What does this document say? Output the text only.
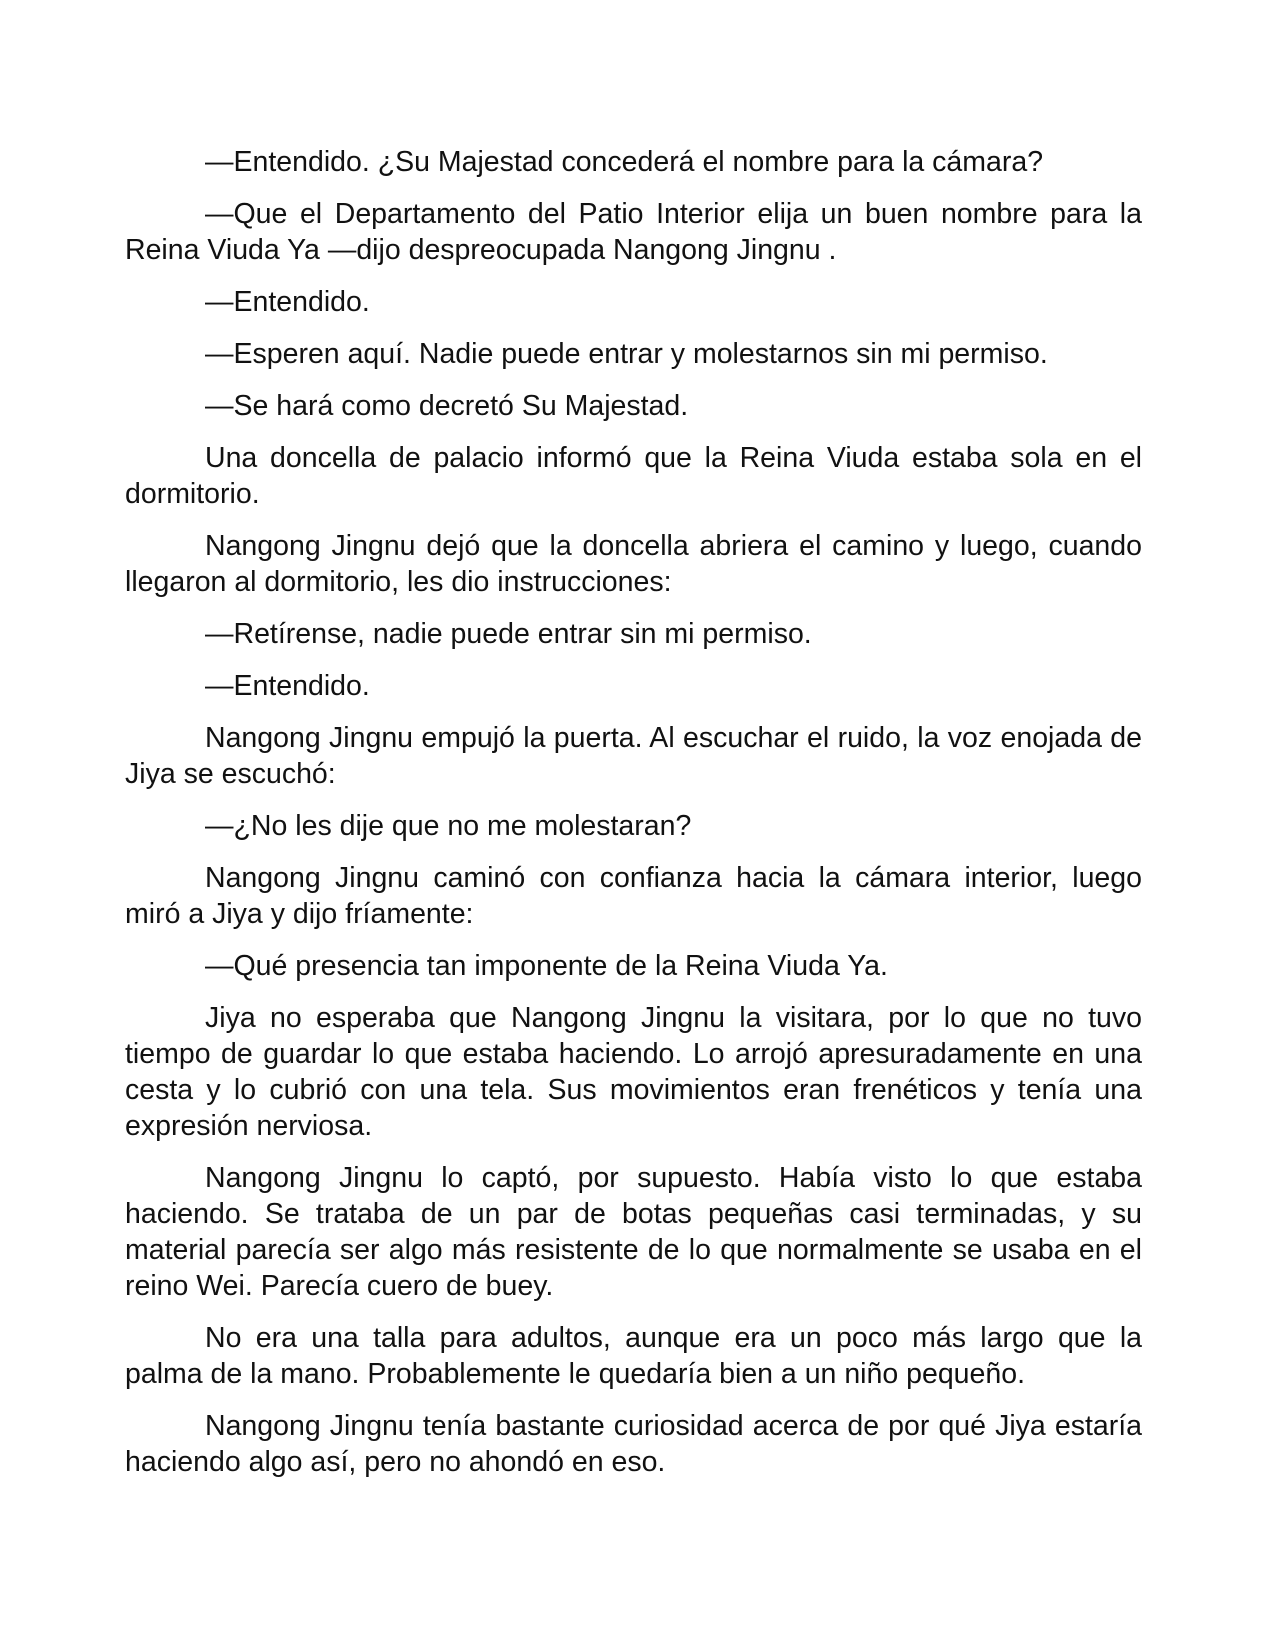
—Entendido. ¿Su Majestad concederá el nombre para la cámara?

—Que el Departamento del Patio Interior elija un buen nombre para la Reina Viuda Ya —dijo despreocupada Nangong Jingnu .

—Entendido.

—Esperen aquí. Nadie puede entrar y molestarnos sin mi permiso.

—Se hará como decretó Su Majestad.

Una doncella de palacio informó que la Reina Viuda estaba sola en el dormitorio.

Nangong Jingnu dejó que la doncella abriera el camino y luego, cuando llegaron al dormitorio, les dio instrucciones:

—Retírense, nadie puede entrar sin mi permiso.

—Entendido.

Nangong Jingnu empujó la puerta. Al escuchar el ruido, la voz enojada de Jiya se escuchó:

—¿No les dije que no me molestaran?

Nangong Jingnu caminó con confianza hacia la cámara interior, luego miró a Jiya y dijo fríamente:

—Qué presencia tan imponente de la Reina Viuda Ya.

Jiya no esperaba que Nangong Jingnu la visitara, por lo que no tuvo tiempo de guardar lo que estaba haciendo. Lo arrojó apresuradamente en una cesta y lo cubrió con una tela. Sus movimientos eran frenéticos y tenía una expresión nerviosa.

Nangong Jingnu lo captó, por supuesto. Había visto lo que estaba haciendo. Se trataba de un par de botas pequeñas casi terminadas, y su material parecía ser algo más resistente de lo que normalmente se usaba en el reino Wei. Parecía cuero de buey.

No era una talla para adultos, aunque era un poco más largo que la palma de la mano. Probablemente le quedaría bien a un niño pequeño.

Nangong Jingnu tenía bastante curiosidad acerca de por qué Jiya estaría haciendo algo así, pero no ahondó en eso.
